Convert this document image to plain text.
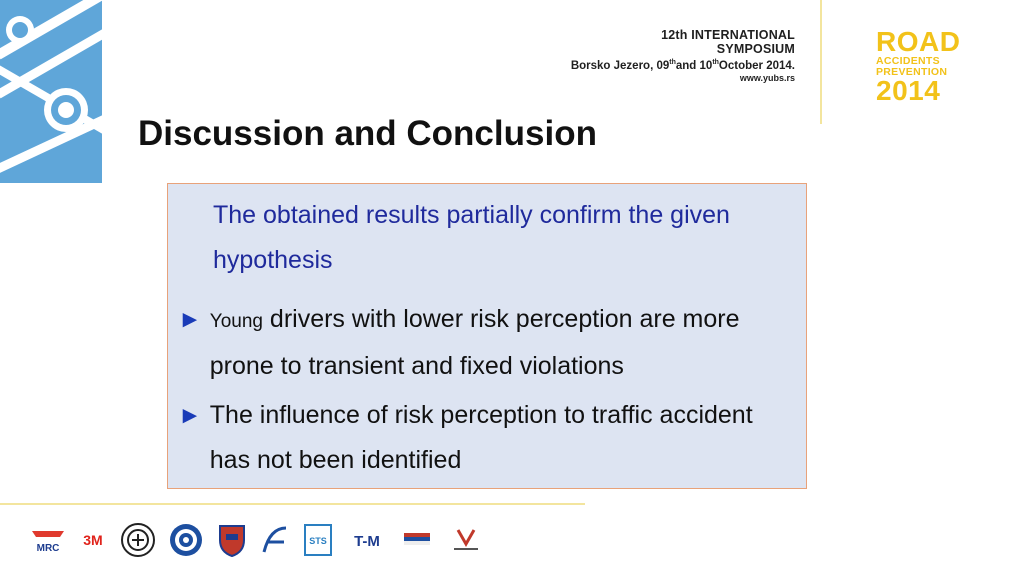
12th INTERNATIONAL
SYMPOSIUM
Borsko Jezero, 09thand 10thOctober 2014.
www.yubs.rs
ROAD
ACCIDENTS
PREVENTION
2014
Discussion and Conclusion
The obtained results partially confirm the given hypothesis
► Young drivers with lower risk perception are more prone to transient and fixed violations
► The influence of risk perception to traffic accident has not been identified
MRC
3M	STS T-M
